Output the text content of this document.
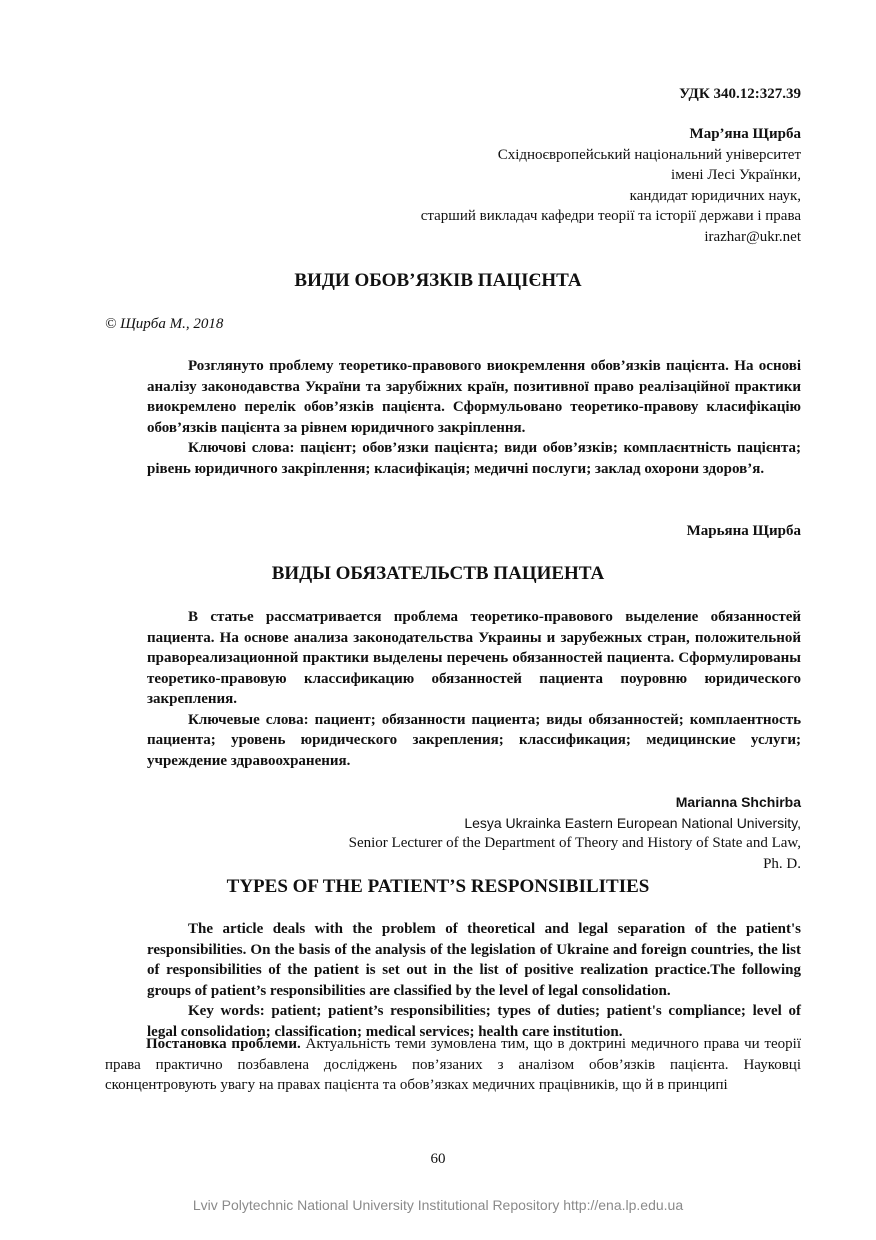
УДК 340.12:327.39
Мар’яна Щирба
Східноєвропейський національний університет
імені Лесі Українки,
кандидат юридичних наук,
старший викладач кафедри теорії та історії держави і права
irazhar@ukr.net
ВИДИ ОБОВ’ЯЗКІВ ПАЦІЄНТА
© Щирба М., 2018

Розглянуто проблему теоретико-правового виокремлення обов’язків пацієнта. На основі аналізу законодавства України та зарубіжних країн, позитивної право реалізаційної практики виокремлено перелік обов’язків пацієнта. Сформульовано теоретико-правову класифікацію обов’язків пацієнта за рівнем юридичного закріплення.

Ключові слова: пацієнт; обов’язки пацієнта; види обов’язків; комплаєнтність пацієнта; рівень юридичного закріплення; класифікація; медичні послуги; заклад охорони здоров’я.

Марьяна Щирба
ВИДЫ ОБЯЗАТЕЛЬСТВ ПАЦИЕНТА

В статье рассматривается проблема теоретико-правового выделение обязанностей пациента. На основе анализа законодательства Украины и зарубежных стран, положительной правореализационной практики выделены перечень обязанностей пациента. Сформулированы теоретико-правовую классификацию обязанностей пациента поуровню юридического закрепления.

Ключевые слова: пациент; обязанности пациента; виды обязанностей; комплаентность пациента; уровень юридического закрепления; классификация; медицинские услуги; учреждение здравоохранения.

Marianna Shchirba
Lesya Ukrainka Eastern European National University,
Senior Lecturer of the Department of Theory and History of State and Law,
Ph. D.
TYPES OF THE PATIENT’S RESPONSIBILITIES

The article deals with the problem of theoretical and legal separation of the patient's responsibilities. On the basis of the analysis of the legislation of Ukraine and foreign countries, the list of responsibilities of the patient is set out in the list of positive realization practice.The following groups of patient’s responsibilities are classified by the level of legal consolidation.

Key words: patient; patient’s responsibilities; types of duties; patient's compliance; level of legal consolidation; classification; medical services; health care institution.

Постановка проблеми. Актуальність теми зумовлена тим, що в доктрині медичного права чи теорії права практично позбавлена досліджень пов’язаних з аналізом обов’язків пацієнта. Науковці сконцентровують увагу на правах пацієнта та обов’язках медичних працівників, що й в принципі

60
Lviv Polytechnic National University Institutional Repository http://ena.lp.edu.ua
